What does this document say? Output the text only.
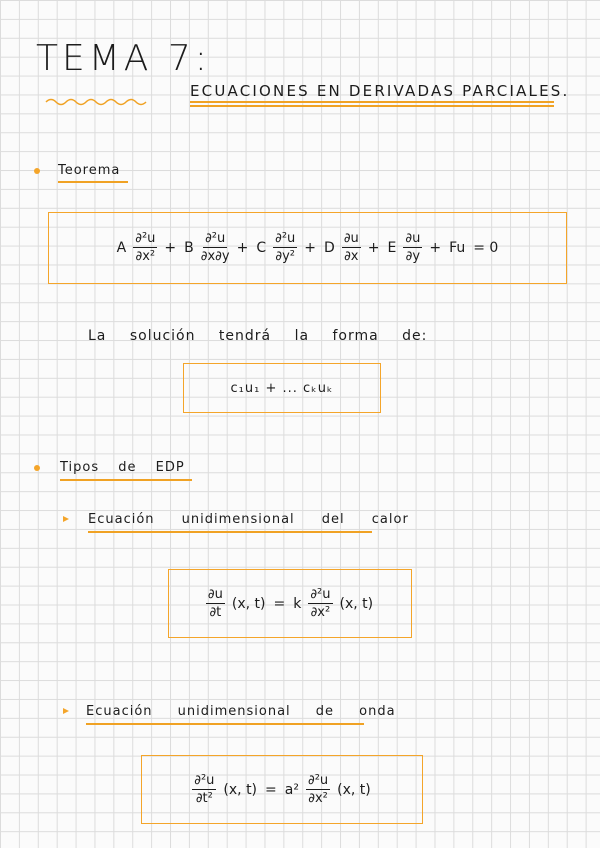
TEMA 7:
ECUACIONES EN DERIVADAS PARCIALES.
Teorema
A $\frac{\text{∂²u}}{\text{∂x²}} + B \frac{\text{∂²u}}{\partial x\partial y} + C \frac{\text{∂²u}}{\text{∂y²}} + D \frac{\partial u}{\partial x} + E \frac{\partial u}{\partial y} + Fu = 0$
La solución tendrá la forma de:
c₁u₁ + ... cₖuₖ
Tipos de EDP
Ecuación unidimensional del calor
$\frac{\partial u}{\partial t} (x$, t) = k $\frac{\text{∂²u}}{\text{∂x²}} (x$, t)
Ecuación unidimensional de onda
$\frac{\text{∂²u}}{\text{∂t²}} (x$, $t) = a^2 \frac{\text{∂²u}}{\text{∂x²}} (x$, t)
